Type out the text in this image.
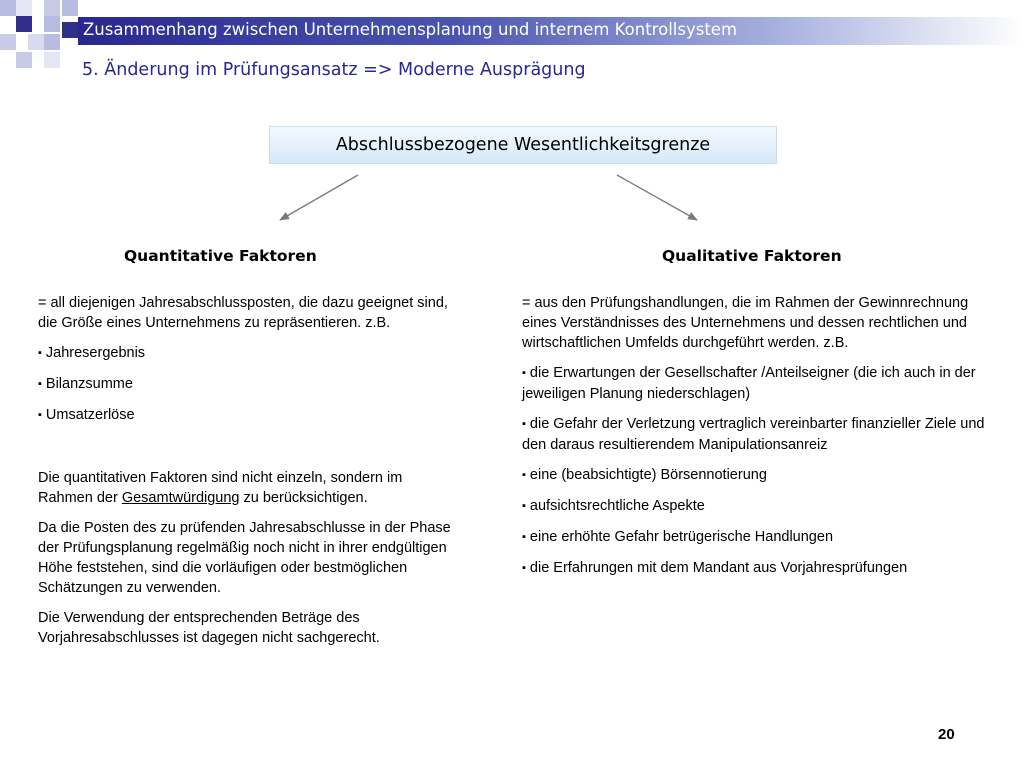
Zusammenhang zwischen Unternehmensplanung und internem Kontrollsystem
5. Änderung im Prüfungsansatz => Moderne Ausprägung
Abschlussbezogene Wesentlichkeitsgrenze
Quantitative Faktoren	Qualitative Faktoren

= all diejenigen Jahresabschlussposten, die dazu geeignet sind, die Größe eines Unternehmens zu repräsentieren. z.B.

▪ Jahresergebnis

▪ Bilanzsumme

▪ Umsatzerlöse

Die quantitativen Faktoren sind nicht einzeln, sondern im Rahmen der Gesamtwürdigung zu berücksichtigen.

Da die Posten des zu prüfenden Jahresabschlusse in der Phase der Prüfungsplanung regelmäßig noch nicht in ihrer endgültigen Höhe feststehen, sind die vorläufigen oder bestmöglichen Schätzungen zu verwenden.

Die Verwendung der entsprechenden Beträge des Vorjahresabschlusses ist dagegen nicht sachgerecht.

= aus den Prüfungshandlungen, die im Rahmen der Gewinnrechnung eines Verständnisses des Unternehmens und dessen rechtlichen und wirtschaftlichen Umfelds durchgeführt werden. z.B.

▪ die Erwartungen der Gesellschafter /Anteilseigner (die ich auch in der jeweiligen Planung niederschlagen)

▪ die Gefahr der Verletzung vertraglich vereinbarter finanzieller Ziele und den daraus resultierendem Manipulationsanreiz

▪ eine (beabsichtigte) Börsennotierung

▪ aufsichtsrechtliche Aspekte

▪ eine erhöhte Gefahr betrügerische Handlungen

▪ die Erfahrungen mit dem Mandant aus Vorjahresprüfungen

20
